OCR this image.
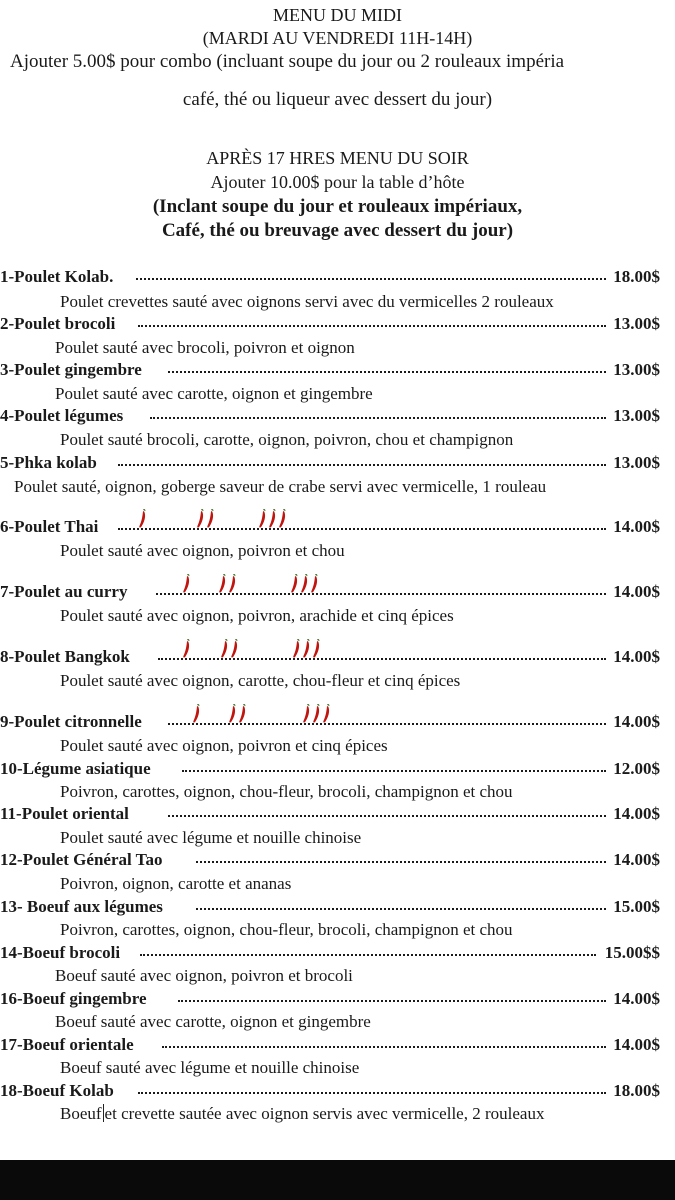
MENU DU MIDI
(MARDI AU VENDREDI 11H-14H)
Ajouter 5.00$ pour combo (incluant soupe du jour ou 2 rouleaux impéria
café, thé ou liqueur avec dessert du jour)
APRÈS 17 HRES MENU DU SOIR
Ajouter 10.00$ pour la table d’hôte
(Inclant soupe du jour et rouleaux impériaux,
Café, thé ou breuvage avec dessert du jour)
1-Poulet Kolab.	18.00$
Poulet crevettes sauté avec oignons servi avec du vermicelles 2 rouleaux
2-Poulet brocoli	13.00$
Poulet sauté avec brocoli, poivron et oignon
3-Poulet gingembre	13.00$
Poulet sauté avec carotte, oignon et gingembre
4-Poulet légumes	13.00$
Poulet sauté brocoli, carotte, oignon, poivron, chou et champignon
5-Phka kolab	13.00$
Poulet sauté, oignon, goberge saveur de crabe servi avec vermicelle, 1 rouleau
6-Poulet Thai	14.00$
Poulet sauté avec oignon, poivron et chou
7-Poulet au curry	14.00$
Poulet sauté avec oignon, poivron, arachide et cinq épices
8-Poulet Bangkok	14.00$
Poulet sauté avec oignon, carotte, chou-fleur et cinq épices
9-Poulet citronnelle	14.00$
Poulet sauté avec oignon, poivron et cinq épices
10-Légume asiatique	12.00$
Poivron, carottes, oignon, chou-fleur, brocoli, champignon et chou
11-Poulet oriental	14.00$
Poulet sauté avec légume et nouille chinoise
12-Poulet Général Tao	14.00$
Poivron, oignon, carotte et ananas
13- Boeuf aux légumes	15.00$
Poivron, carottes, oignon, chou-fleur, brocoli, champignon et chou
14-Boeuf brocoli	15.00$$
Boeuf sauté avec oignon, poivron et brocoli
16-Boeuf gingembre	14.00$
Boeuf sauté avec carotte, oignon et gingembre
17-Boeuf orientale	14.00$
Boeuf sauté avec légume et nouille chinoise
18-Boeuf Kolab	18.00$
Boeuf et crevette sautée avec oignon servis avec vermicelle, 2 rouleaux
